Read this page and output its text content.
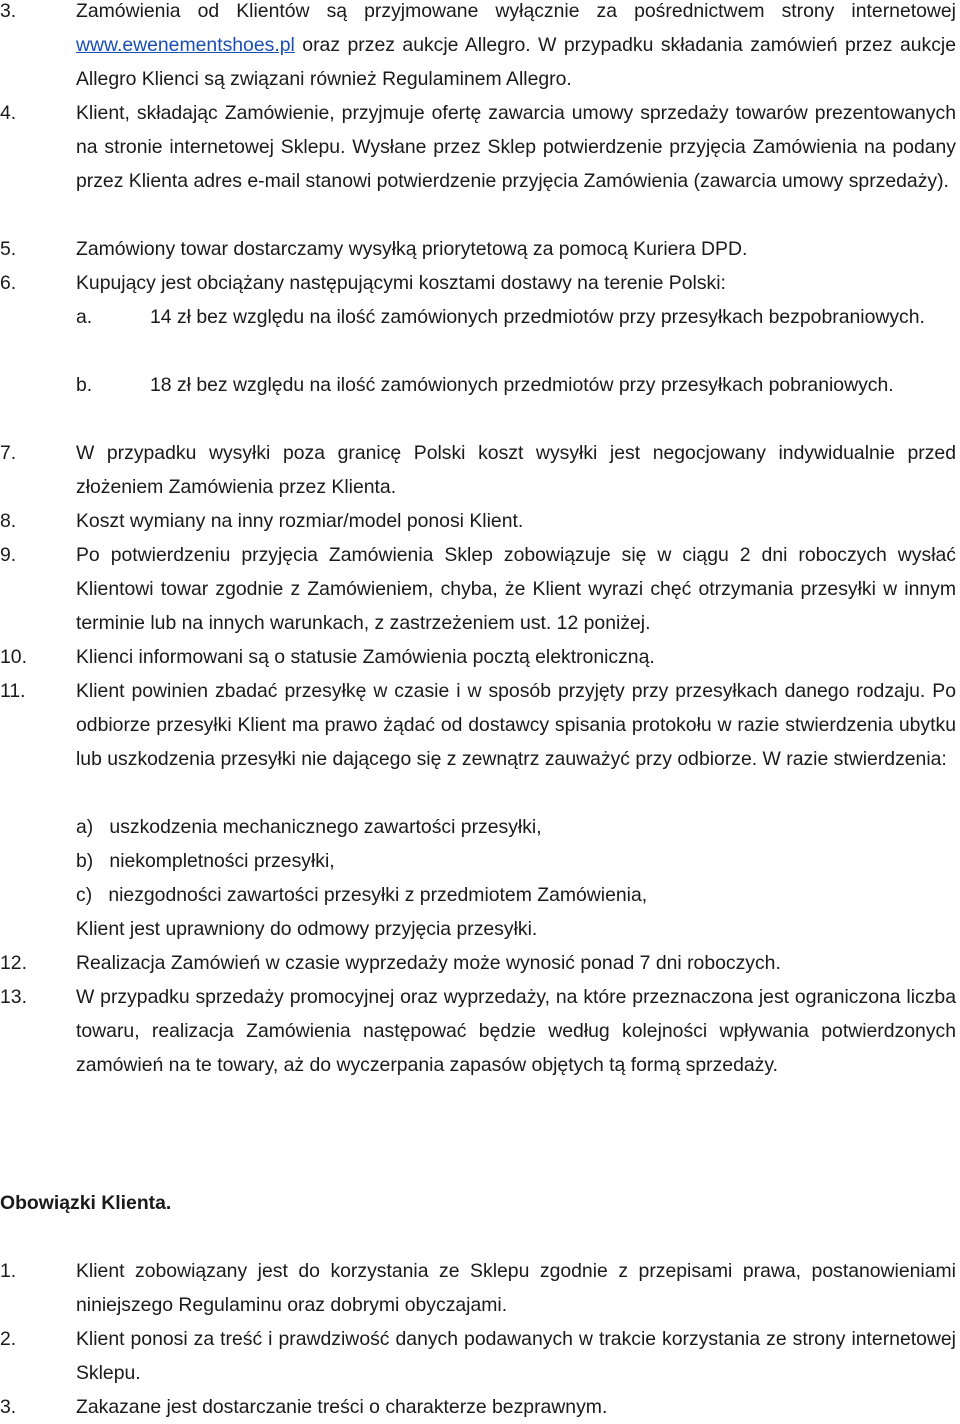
3.	Zamówienia od Klientów są przyjmowane wyłącznie za pośrednictwem strony internetowej www.ewenementshoes.pl oraz przez aukcje Allegro. W przypadku składania zamówień przez aukcje Allegro Klienci są związani również Regulaminem Allegro.
4.	Klient, składając Zamówienie, przyjmuje ofertę zawarcia umowy sprzedaży towarów prezentowanych na stronie internetowej Sklepu. Wysłane przez Sklep potwierdzenie przyjęcia Zamówienia na podany przez Klienta adres e-mail stanowi potwierdzenie przyjęcia Zamówienia (zawarcia umowy sprzedaży).
5.	Zamówiony towar dostarczamy wysyłką priorytetową za pomocą Kuriera DPD.
6.	Kupujący jest obciążany następującymi kosztami dostawy na terenie Polski:
a.	14 zł bez względu na ilość zamówionych przedmiotów przy przesyłkach bezpobraniowych.
b.	18 zł bez względu na ilość zamówionych przedmiotów przy przesyłkach pobraniowych.
7.	W przypadku wysyłki poza granicę Polski koszt wysyłki jest negocjowany indywidualnie przed złożeniem Zamówienia przez Klienta.
8.	Koszt wymiany na inny rozmiar/model ponosi Klient.
9.	Po potwierdzeniu przyjęcia Zamówienia Sklep zobowiązuje się w ciągu 2 dni roboczych wysłać Klientowi towar zgodnie z Zamówieniem, chyba, że Klient wyrazi chęć otrzymania przesyłki w innym terminie lub na innych warunkach, z zastrzeżeniem ust. 12 poniżej.
10.	Klienci informowani są o statusie Zamówienia pocztą elektroniczną.
11.	Klient powinien zbadać przesyłkę w czasie i w sposób przyjęty przy przesyłkach danego rodzaju. Po odbiorze przesyłki Klient ma prawo żądać od dostawcy spisania protokołu w razie stwierdzenia ubytku lub uszkodzenia przesyłki nie dającego się z zewnątrz zauważyć przy odbiorze. W razie stwierdzenia:
a) uszkodzenia mechanicznego zawartości przesyłki,
b) niekompletności przesyłki,
c) niezgodności zawartości przesyłki z przedmiotem Zamówienia,
Klient jest uprawniony do odmowy przyjęcia przesyłki.
12.	Realizacja Zamówień w czasie wyprzedaży może wynosić ponad 7 dni roboczych.
13.	W przypadku sprzedaży promocyjnej oraz wyprzedaży, na które przeznaczona jest ograniczona liczba towaru, realizacja Zamówienia następować będzie według kolejności wpływania potwierdzonych zamówień na te towary, aż do wyczerpania zapasów objętych tą formą sprzedaży.
Obowiązki Klienta.
1.	Klient zobowiązany jest do korzystania ze Sklepu zgodnie z przepisami prawa, postanowieniami niniejszego Regulaminu oraz dobrymi obyczajami.
2.	Klient ponosi za treść i prawdziwość danych podawanych w trakcie korzystania ze strony internetowej Sklepu.
3.	Zakazane jest dostarczanie treści o charakterze bezprawnym.
